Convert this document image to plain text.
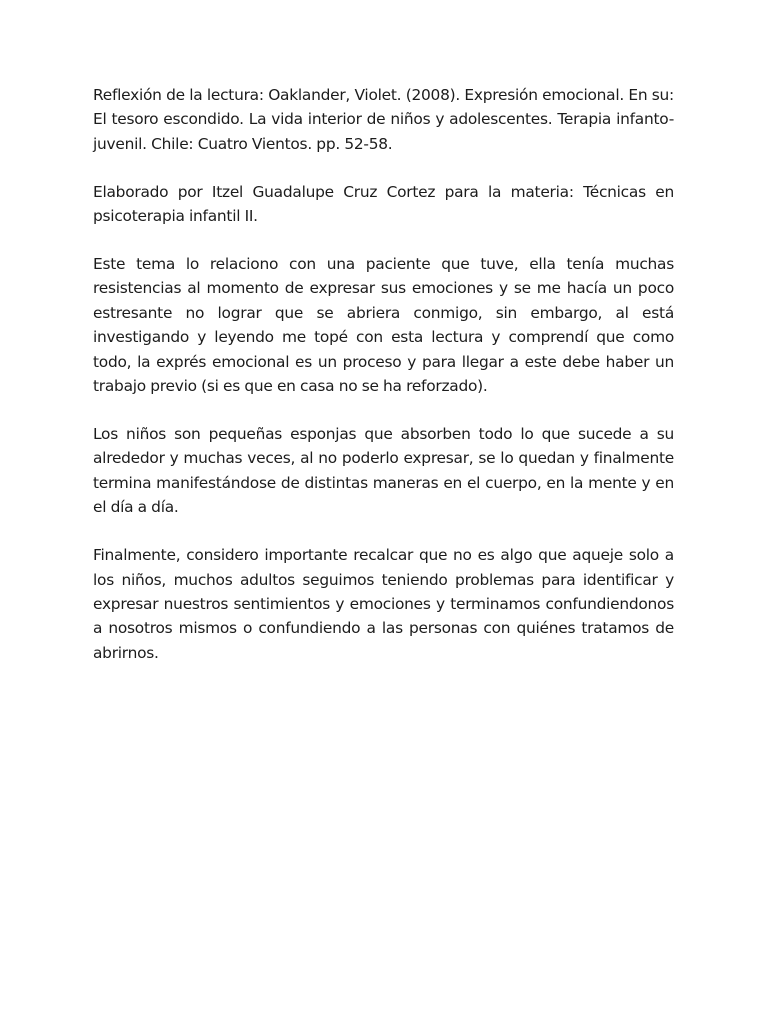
Reflexión de la lectura: Oaklander, Violet. (2008). Expresión emocional. En su: El tesoro escondido. La vida interior de niños y adolescentes. Terapia infanto-juvenil. Chile: Cuatro Vientos. pp. 52-58.

Elaborado por Itzel Guadalupe Cruz Cortez para la materia: Técnicas en psicoterapia infantil II.

Este tema lo relaciono con una paciente que tuve, ella tenía muchas resistencias al momento de expresar sus emociones y se me hacía un poco estresante no lograr que se abriera conmigo, sin embargo, al está investigando y leyendo me topé con esta lectura y comprendí que como todo, la exprés emocional es un proceso y para llegar a este debe haber un trabajo previo (si es que en casa no se ha reforzado).

Los niños son pequeñas esponjas que absorben todo lo que sucede a su alrededor y muchas veces, al no poderlo expresar, se lo quedan y finalmente termina manifestándose de distintas maneras en el cuerpo, en la mente y en el día a día.

Finalmente, considero importante recalcar que no es algo que aqueje solo a los niños, muchos adultos seguimos teniendo problemas para identificar y expresar nuestros sentimientos y emociones y terminamos confundiendonos a nosotros mismos o confundiendo a las personas con quiénes tratamos de abrirnos.
